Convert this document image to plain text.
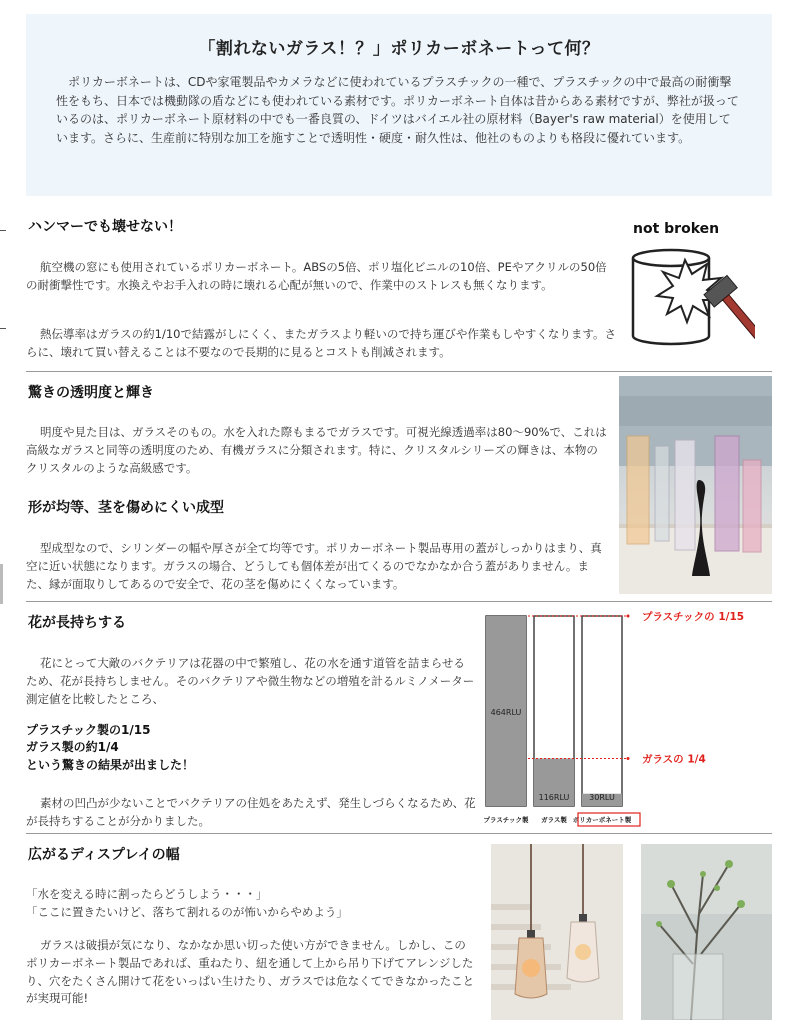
「割れないガラス！？」ポリカーボネートって何？

ポリカーボネートは、CDや家電製品やカメラなどに使われているプラスチックの一種で、プラスチックの中で最高の耐衝撃性をもち、日本では機動隊の盾などにも使われている素材です。ポリカーボネート自体は昔からある素材ですが、弊社が扱っているのは、ポリカーボネート原材料の中でも一番良質の、ドイツはバイエル社の原材料（Bayer's raw material）を使用しています。さらに、生産前に特別な加工を施すことで透明性・硬度・耐久性は、他社のものよりも格段に優れています。

ハンマーでも壊せない！
航空機の窓にも使用されているポリカーボネート。ABSの5倍、ポリ塩化ビニルの10倍、PEやアクリルの50倍の耐衝撃性です。水換えやお手入れの時に壊れる心配が無いので、作業中のストレスも無くなります。
熱伝導率はガラスの約1/10で結露がしにくく、またガラスより軽いので持ち運びや作業もしやすくなります。さらに、壊れて買い替えることは不要なので長期的に見るとコストも削減されます。
not broken
驚きの透明度と輝き
明度や見た目は、ガラスそのもの。水を入れた際もまるでガラスです。可視光線透過率は80～90%で、これは高級なガラスと同等の透明度のため、有機ガラスに分類されます。特に、クリスタルシリーズの輝きは、本物のクリスタルのような高級感です。
形が均等、茎を傷めにくい成型
型成型なので、シリンダーの幅や厚さが全て均等です。ポリカーボネート製品専用の蓋がしっかりはまり、真空に近い状態になります。ガラスの場合、どうしても個体差が出てくるのでなかなか合う蓋がありません。また、縁が面取りしてあるので安全で、花の茎を傷めにくくなっています。
花が長持ちする
花にとって大敵のバクテリアは花器の中で繁殖し、花の水を通す道管を詰まらせるため、花が長持ちしません。そのバクテリアや微生物などの増殖を計るルミノメーター測定値を比較したところ、
プラスチック製の1/15
ガラス製の約1/4
という驚きの結果が出ました！
素材の凹凸が少ないことでバクテリアの住処をあたえず、発生しづらくなるため、花が長持ちすることが分かりました。
464RLU
プラスチック製
116RLU
ガラス製
30RLU
ポリカーボネート製
プラスチックの 1/15
ガラスの 1/4
広がるディスプレイの幅
「水を変える時に割ったらどうしよう・・・」
「ここに置きたいけど、落ちて割れるのが怖いからやめよう」
ガラスは破損が気になり、なかなか思い切った使い方ができません。しかし、このポリカーボネート製品であれば、重ねたり、紐を通して上から吊り下げてアレンジしたり、穴をたくさん開けて花をいっぱい生けたり、ガラスでは危なくてできなかったことが実現可能!
